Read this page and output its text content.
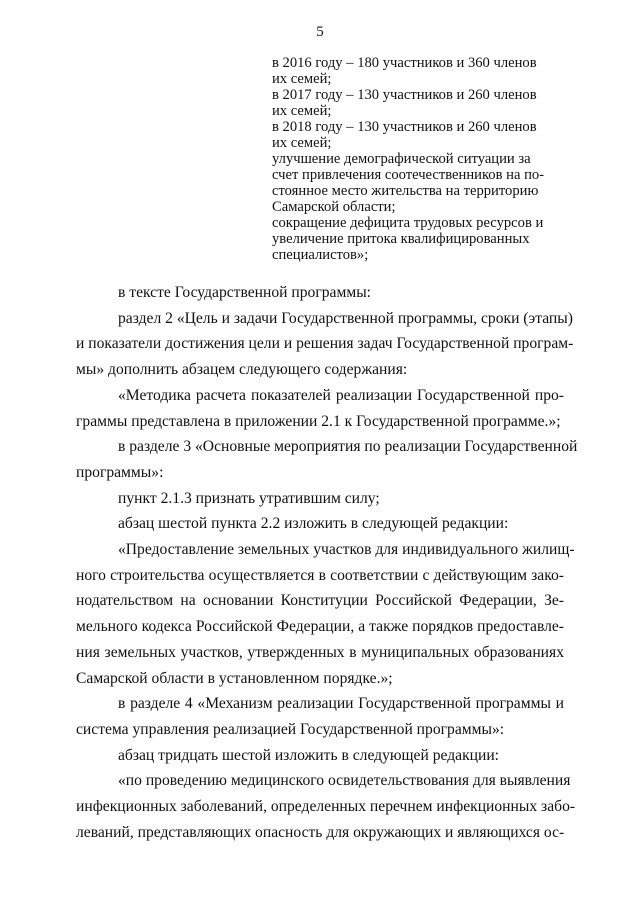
5
в 2016 году – 180 участников и 360 членов
их семей;
в 2017 году – 130 участников и 260 членов
их семей;
в 2018 году – 130 участников и 260 членов
их семей;
улучшение демографической ситуации за
счет привлечения соотечественников на по-
стоянное место жительства на территорию
Самарской области;
сокращение дефицита трудовых ресурсов и
увеличение притока квалифицированных
специалистов»;
в тексте Государственной программы:
раздел 2 «Цель и задачи Государственной программы, сроки (этапы)
и показатели достижения цели и решения задач Государственной програм-
мы» дополнить абзацем следующего содержания:
«Методика расчета показателей реализации Государственной про-
граммы представлена в приложении 2.1 к Государственной программе.»;
в разделе 3 «Основные мероприятия по реализации Государственной
программы»:
пункт 2.1.3 признать утратившим силу;
абзац шестой пункта 2.2 изложить в следующей редакции:
«Предоставление земельных участков для индивидуального жилищ-
ного строительства осуществляется в соответствии с действующим зако-
нодательством на основании Конституции Российской Федерации, Зе-
мельного кодекса Российской Федерации, а также порядков предоставле-
ния земельных участков, утвержденных в муниципальных образованиях
Самарской области в установленном порядке.»;
в разделе 4 «Механизм реализации Государственной программы и
система управления реализацией Государственной программы»:
абзац тридцать шестой изложить в следующей редакции:
«по проведению медицинского освидетельствования для выявления
инфекционных заболеваний, определенных перечнем инфекционных забо-
леваний, представляющих опасность для окружающих и являющихся ос-
